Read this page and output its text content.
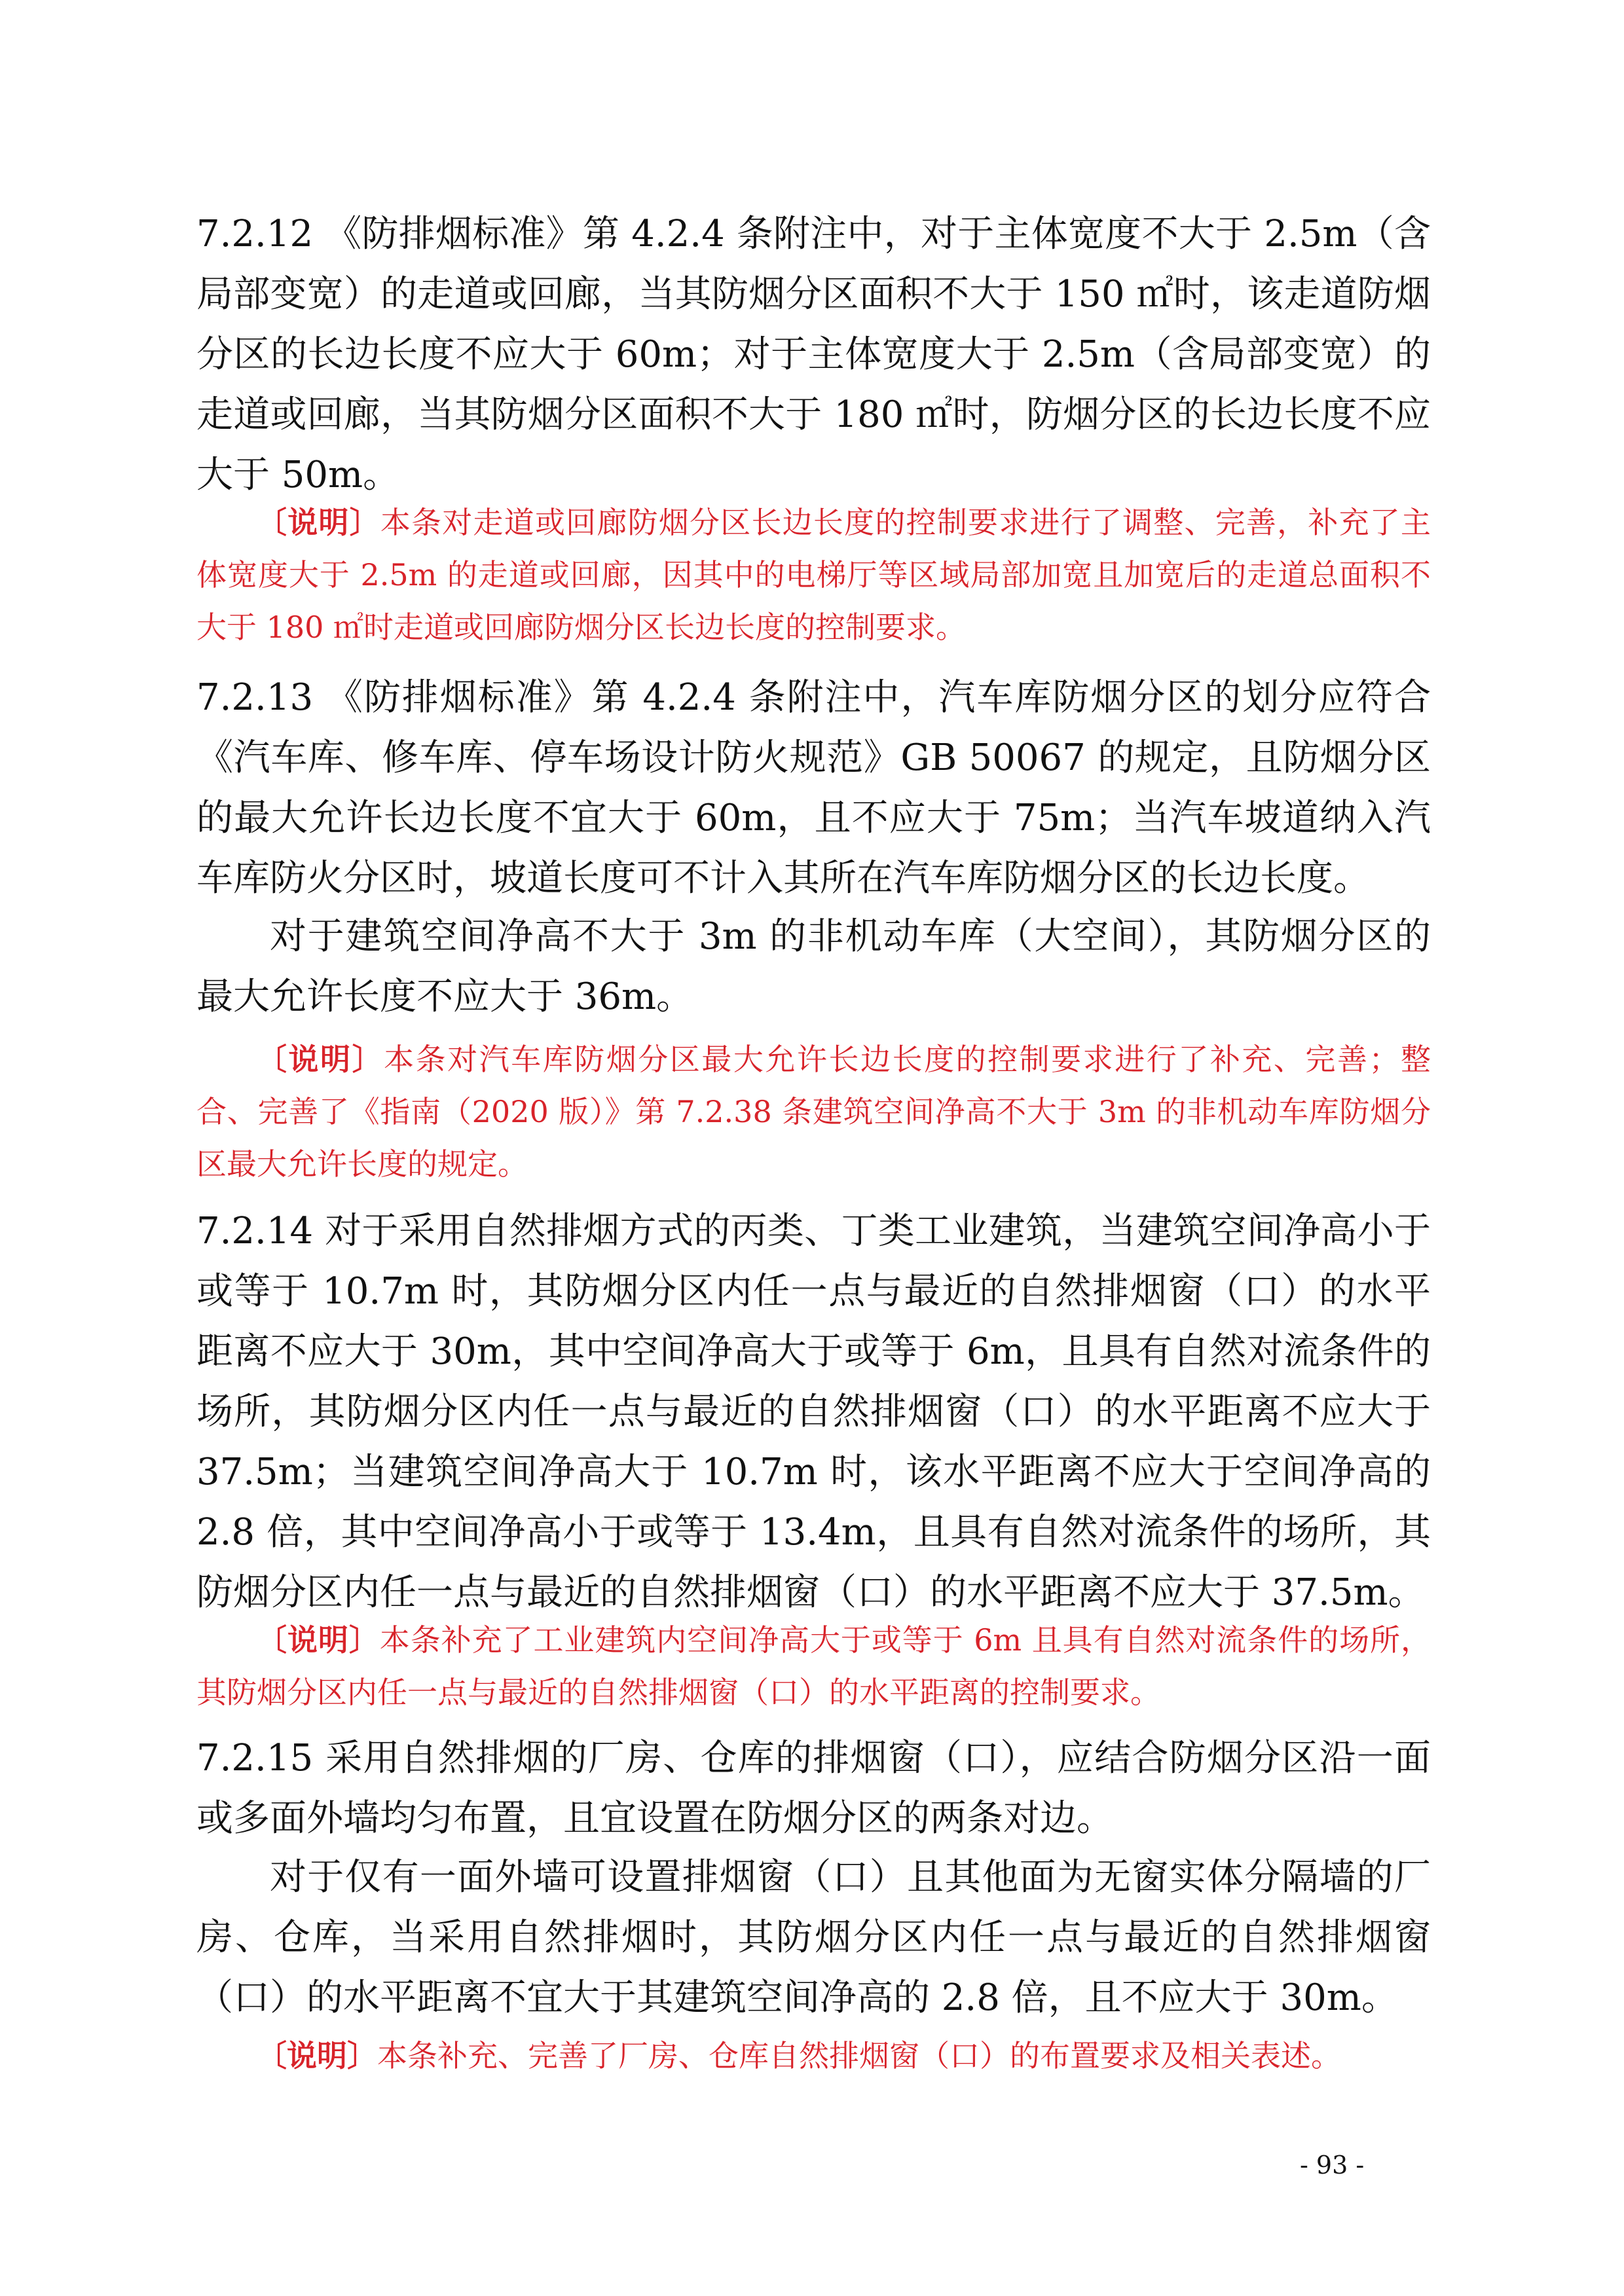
7.2.12 《防排烟标准》第 4.2.4 条附注中，对于主体宽度不大于 2.5m（含局部变宽）的走道或回廊，当其防烟分区面积不大于 150 ㎡时，该走道防烟分区的长边长度不应大于 60m；对于主体宽度大于 2.5m（含局部变宽）的走道或回廊，当其防烟分区面积不大于 180 ㎡时，防烟分区的长边长度不应大于 50m。

〔说明〕本条对走道或回廊防烟分区长边长度的控制要求进行了调整、完善，补充了主体宽度大于 2.5m 的走道或回廊，因其中的电梯厅等区域局部加宽且加宽后的走道总面积不大于 180 ㎡时走道或回廊防烟分区长边长度的控制要求。

7.2.13 《防排烟标准》第 4.2.4 条附注中，汽车库防烟分区的划分应符合《汽车库、修车库、停车场设计防火规范》GB 50067 的规定，且防烟分区的最大允许长边长度不宜大于 60m，且不应大于 75m；当汽车坡道纳入汽车库防火分区时，坡道长度可不计入其所在汽车库防烟分区的长边长度。

对于建筑空间净高不大于 3m 的非机动车库（大空间），其防烟分区的最大允许长度不应大于 36m。

〔说明〕本条对汽车库防烟分区最大允许长边长度的控制要求进行了补充、完善；整合、完善了《指南（2020 版）》第 7.2.38 条建筑空间净高不大于 3m 的非机动车库防烟分区最大允许长度的规定。

7.2.14 对于采用自然排烟方式的丙类、丁类工业建筑，当建筑空间净高小于或等于 10.7m 时，其防烟分区内任一点与最近的自然排烟窗（口）的水平距离不应大于 30m，其中空间净高大于或等于 6m，且具有自然对流条件的场所，其防烟分区内任一点与最近的自然排烟窗（口）的水平距离不应大于 37.5m；当建筑空间净高大于 10.7m 时，该水平距离不应大于空间净高的 2.8 倍，其中空间净高小于或等于 13.4m，且具有自然对流条件的场所，其防烟分区内任一点与最近的自然排烟窗（口）的水平距离不应大于 37.5m。

〔说明〕本条补充了工业建筑内空间净高大于或等于 6m 且具有自然对流条件的场所，其防烟分区内任一点与最近的自然排烟窗（口）的水平距离的控制要求。

7.2.15 采用自然排烟的厂房、仓库的排烟窗（口），应结合防烟分区沿一面或多面外墙均匀布置，且宜设置在防烟分区的两条对边。

对于仅有一面外墙可设置排烟窗（口）且其他面为无窗实体分隔墙的厂房、仓库，当采用自然排烟时，其防烟分区内任一点与最近的自然排烟窗（口）的水平距离不宜大于其建筑空间净高的 2.8 倍，且不应大于 30m。

〔说明〕本条补充、完善了厂房、仓库自然排烟窗（口）的布置要求及相关表述。

- 93 -
